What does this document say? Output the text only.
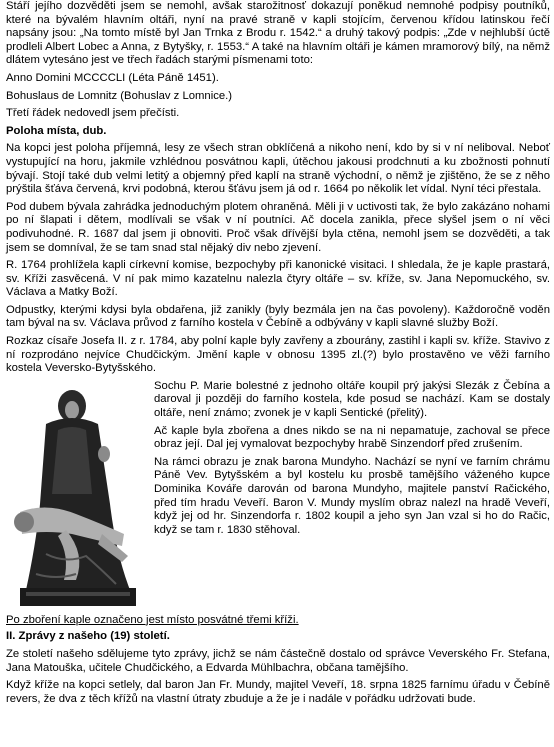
Stáří jejího dozvěděti jsem se nemohl, avšak starožitnosť dokazují poněkud nemnohé podpisy poutníků, které na bývalém hlavním oltáři, nyní na pravé straně v kapli stojícím, červenou křídou latinskou řečí napsány jsou: „Na tomto místě byl Jan Trnka z Brodu r. 1542.“ a druhý takový podpis: „Zde v nejhlubší úctě prodleli Albert Lobec a Anna, z Bytyšky, r. 1553.“ A také na hlavním oltáři je kámen mramorový bílý, na němž dlátem vytesáno jest ve třech řadách starými písmenami toto:

Anno Domini MCCCCLI (Léta Páně 1451).
Bohuslaus de Lomnitz (Bohuslav z Lomnice.)
Třetí řádek nedovedl jsem přečísti.
Poloha místa, dub.

Na kopci jest poloha příjemná, lesy ze všech stran obklíčená a nikoho není, kdo by si v ní neliboval. Neboť vystupující na horu, jakmile vzhlédnou posvátnou kapli, útěchou jakousi prodchnuti a ku zbožnosti pohnutí bývají. Stojí také dub velmi letitý a objemný před kaplí na straně východní, o němž je zjištěno, že se z něho prýštila šťáva červená, krvi podobná, kterou šťávu jsem já od r. 1664 po několik let vídal. Nyní téci přestala.

Pod dubem bývala zahrádka jednoduchým plotem ohraněná. Měli ji v uctivosti tak, že bylo zakázáno nohami po ní šlapati i dětem, modlívali se však v ní poutníci. Ač docela zanikla, přece slyšel jsem o ní věci podivuhodné. R. 1687 dal jsem ji obnoviti. Proč však dřívější byla ctěna, nemohl jsem se dozvěděti, a tak jsem se domníval, že se tam snad stal nějaký div nebo zjevení.

R. 1764 prohlížela kapli církevní komise, bezpochyby při kanonické visitaci. I shledala, že je kaple prastará, sv. Kříži zasvěcená. V ní pak mimo kazatelnu nalezla čtyry oltáře – sv. kříže, sv. Jana Nepomuckého, sv. Václava a Matky Boží.

Odpustky, kterými kdysi byla obdařena, již zanikly (byly bezmála jen na čas povoleny). Každoročně voděn tam býval na sv. Václava průvod z farního kostela v Čebíně a odbývány v kapli slavné služby Boží.

Rozkaz císaře Josefa II. z r. 1784, aby polní kaple byly zavřeny a zbourány, zastihl i kapli sv. kříže. Stavivo z ní rozprodáno nejvíce Chudčickým. Jmění kaple v obnosu 1395 zl.(?) bylo prostavěno ve věži farního kostela Veversko-Bytyšského.

Sochu P. Marie bolestné z jednoho oltáře koupil prý jakýsi Slezák z Čebína a daroval ji později do farního kostela, kde posud se nachází. Kam se dostaly oltáře, není známo; zvonek je v kapli Sentické (přelitý).

Ač kaple byla zbořena a dnes nikdo se na ni nepamatuje, zachoval se přece obraz její. Dal jej vymalovat bezpochyby hrabě Sinzendorf před zrušením.

Na rámci obrazu je znak barona Mundyho. Nachází se nyní ve farním chrámu Páně Vev. Bytyšském a byl kostelu ku prosbě tamějšího váženého kupce Dominika Kováře darován od barona Mundyho, majitele panství Račického, před tím hradu Veveří. Baron V. Mundy myslím obraz nalezl na hradě Veveří, když jej od hr. Sinzendorfa r. 1802 koupil a jeho syn Jan vzal si ho do Račic, když se tam r. 1830 stěhoval.

Po zboření kaple označeno jest místo posvátné třemi kříži.
II. Zprávy z našeho (19) století.

Ze století našeho sdělujeme tyto zprávy, jichž se nám částečně dostalo od správce Veverského Fr. Stefana, Jana Matouška, učitele Chudčického, a Edvarda Mühlbachra, občana tamějšího.

Když kříže na kopci setlely, dal baron Jan Fr. Mundy, majitel Veveří, 18. srpna 1825 farnímu úřadu v Čebíně revers, že dva z těch křížů na vlastní útraty zbuduje a že je i nadále v pořádku udržovati bude.
